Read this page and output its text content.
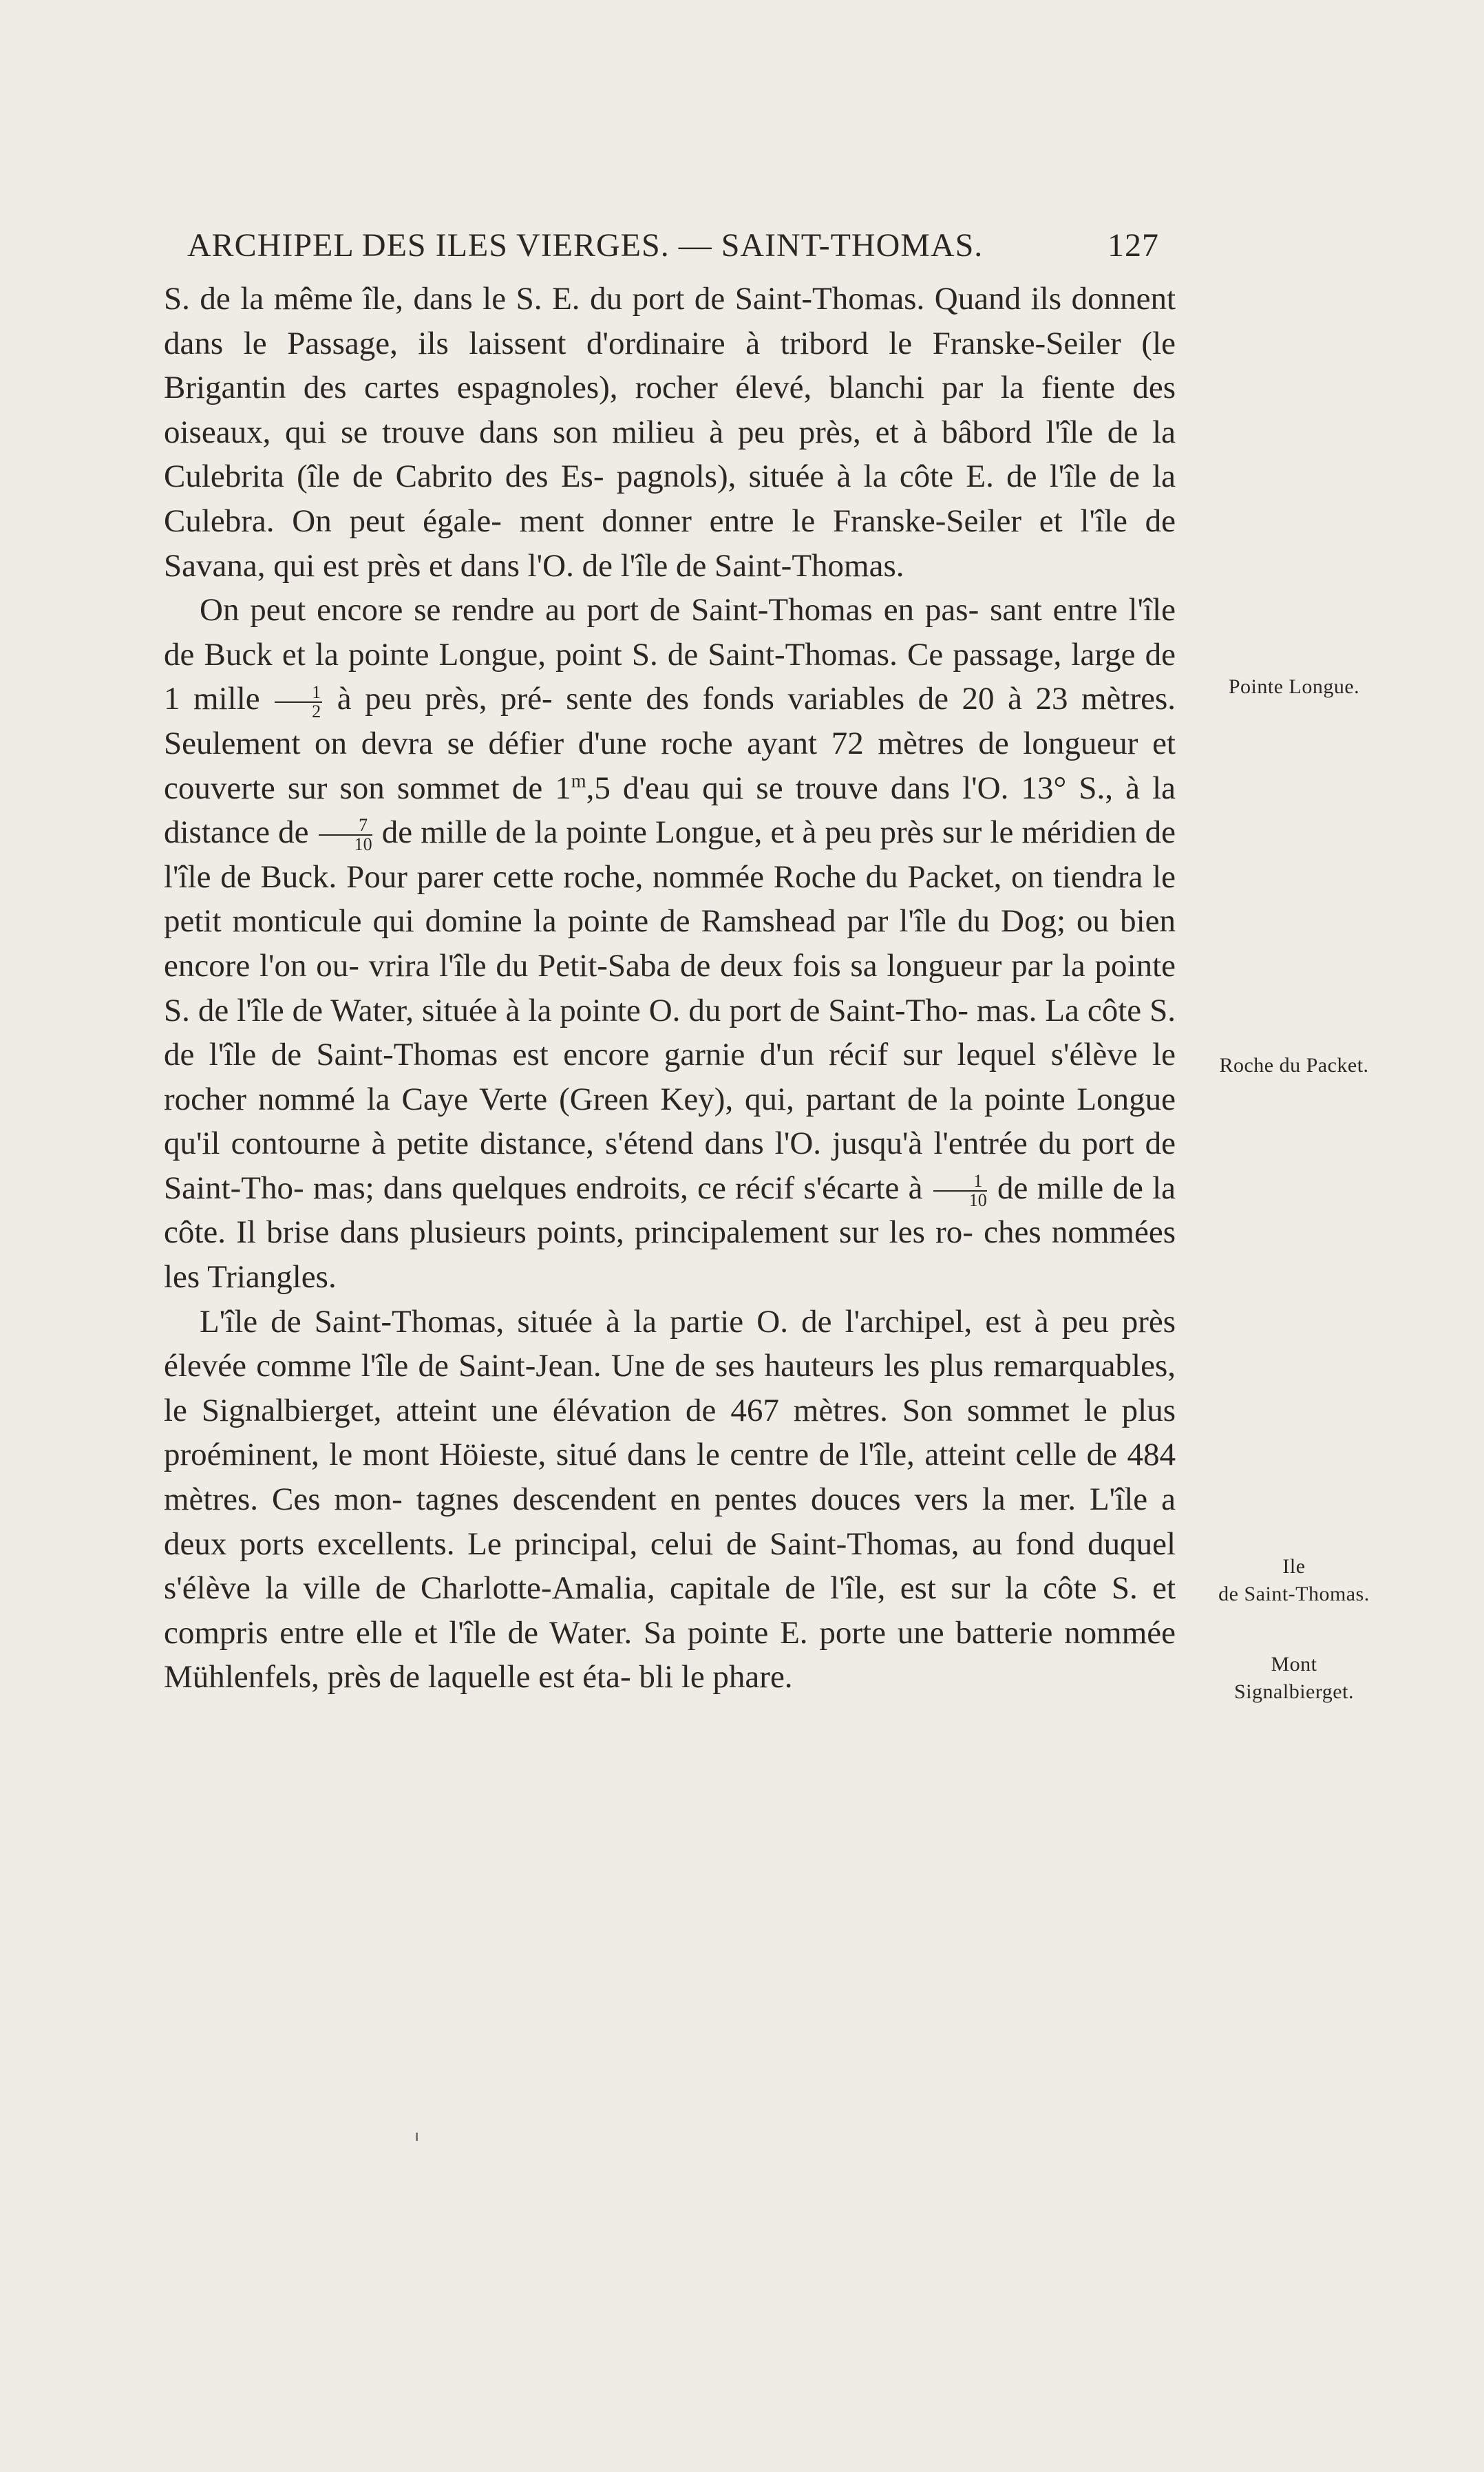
ARCHIPEL DES ILES VIERGES. — SAINT-THOMAS.	127

S. de la même île, dans le S. E. du port de Saint-Thomas. Quand ils donnent dans le Passage, ils laissent d'ordinaire à tribord le Franske-Seiler (le Brigantin des cartes espagnoles), rocher élevé, blanchi par la fiente des oiseaux, qui se trouve dans son milieu à peu près, et à bâbord l'île de la Culebrita (île de Cabrito des Es- pagnols), située à la côte E. de l'île de la Culebra. On peut égale- ment donner entre le Franske-Seiler et l'île de Savana, qui est près et dans l'O. de l'île de Saint-Thomas.

On peut encore se rendre au port de Saint-Thomas en pas- sant entre l'île de Buck et la pointe Longue, point S. de Saint-Thomas. Ce passage, large de 1 mille $\frac{1}{2}$ à peu près, pré- sente des fonds variables de 20 à 23 mètres. Seulement on devra se défier d'une roche ayant 72 mètres de longueur et couverte sur son sommet de 1$^m$,5 d'eau qui se trouve dans l'O. 13° S., à la distance de $\frac{7}{10}$ de mille de la pointe Longue, et à peu près sur le méridien de l'île de Buck. Pour parer cette roche, nommée Roche du Packet, on tiendra le petit monticule qui domine la pointe de Ramshead par l'île du Dog; ou bien encore l'on ou- vrira l'île du Petit-Saba de deux fois sa longueur par la pointe S. de l'île de Water, située à la pointe O. du port de Saint-Tho- mas. La côte S. de l'île de Saint-Thomas est encore garnie d'un récif sur lequel s'élève le rocher nommé la Caye Verte (Green Key), qui, partant de la pointe Longue qu'il contourne à petite distance, s'étend dans l'O. jusqu'à l'entrée du port de Saint-Tho- mas; dans quelques endroits, ce récif s'écarte à $\frac{1}{10}$ de mille de la côte. Il brise dans plusieurs points, principalement sur les ro- ches nommées les Triangles.

L'île de Saint-Thomas, située à la partie O. de l'archipel, est à peu près élevée comme l'île de Saint-Jean. Une de ses hauteurs les plus remarquables, le Signalbierget, atteint une élévation de 467 mètres. Son sommet le plus proéminent, le mont Höieste, situé dans le centre de l'île, atteint celle de 484 mètres. Ces mon- tagnes descendent en pentes douces vers la mer. L'île a deux ports excellents. Le principal, celui de Saint-Thomas, au fond duquel s'élève la ville de Charlotte-Amalia, capitale de l'île, est sur la côte S. et compris entre elle et l'île de Water. Sa pointe E. porte une batterie nommée Mühlenfels, près de laquelle est éta- bli le phare.

Pointe Longue.
Roche du Packet.
Ile
de Saint-Thomas.
Mont
Signalbierget.
